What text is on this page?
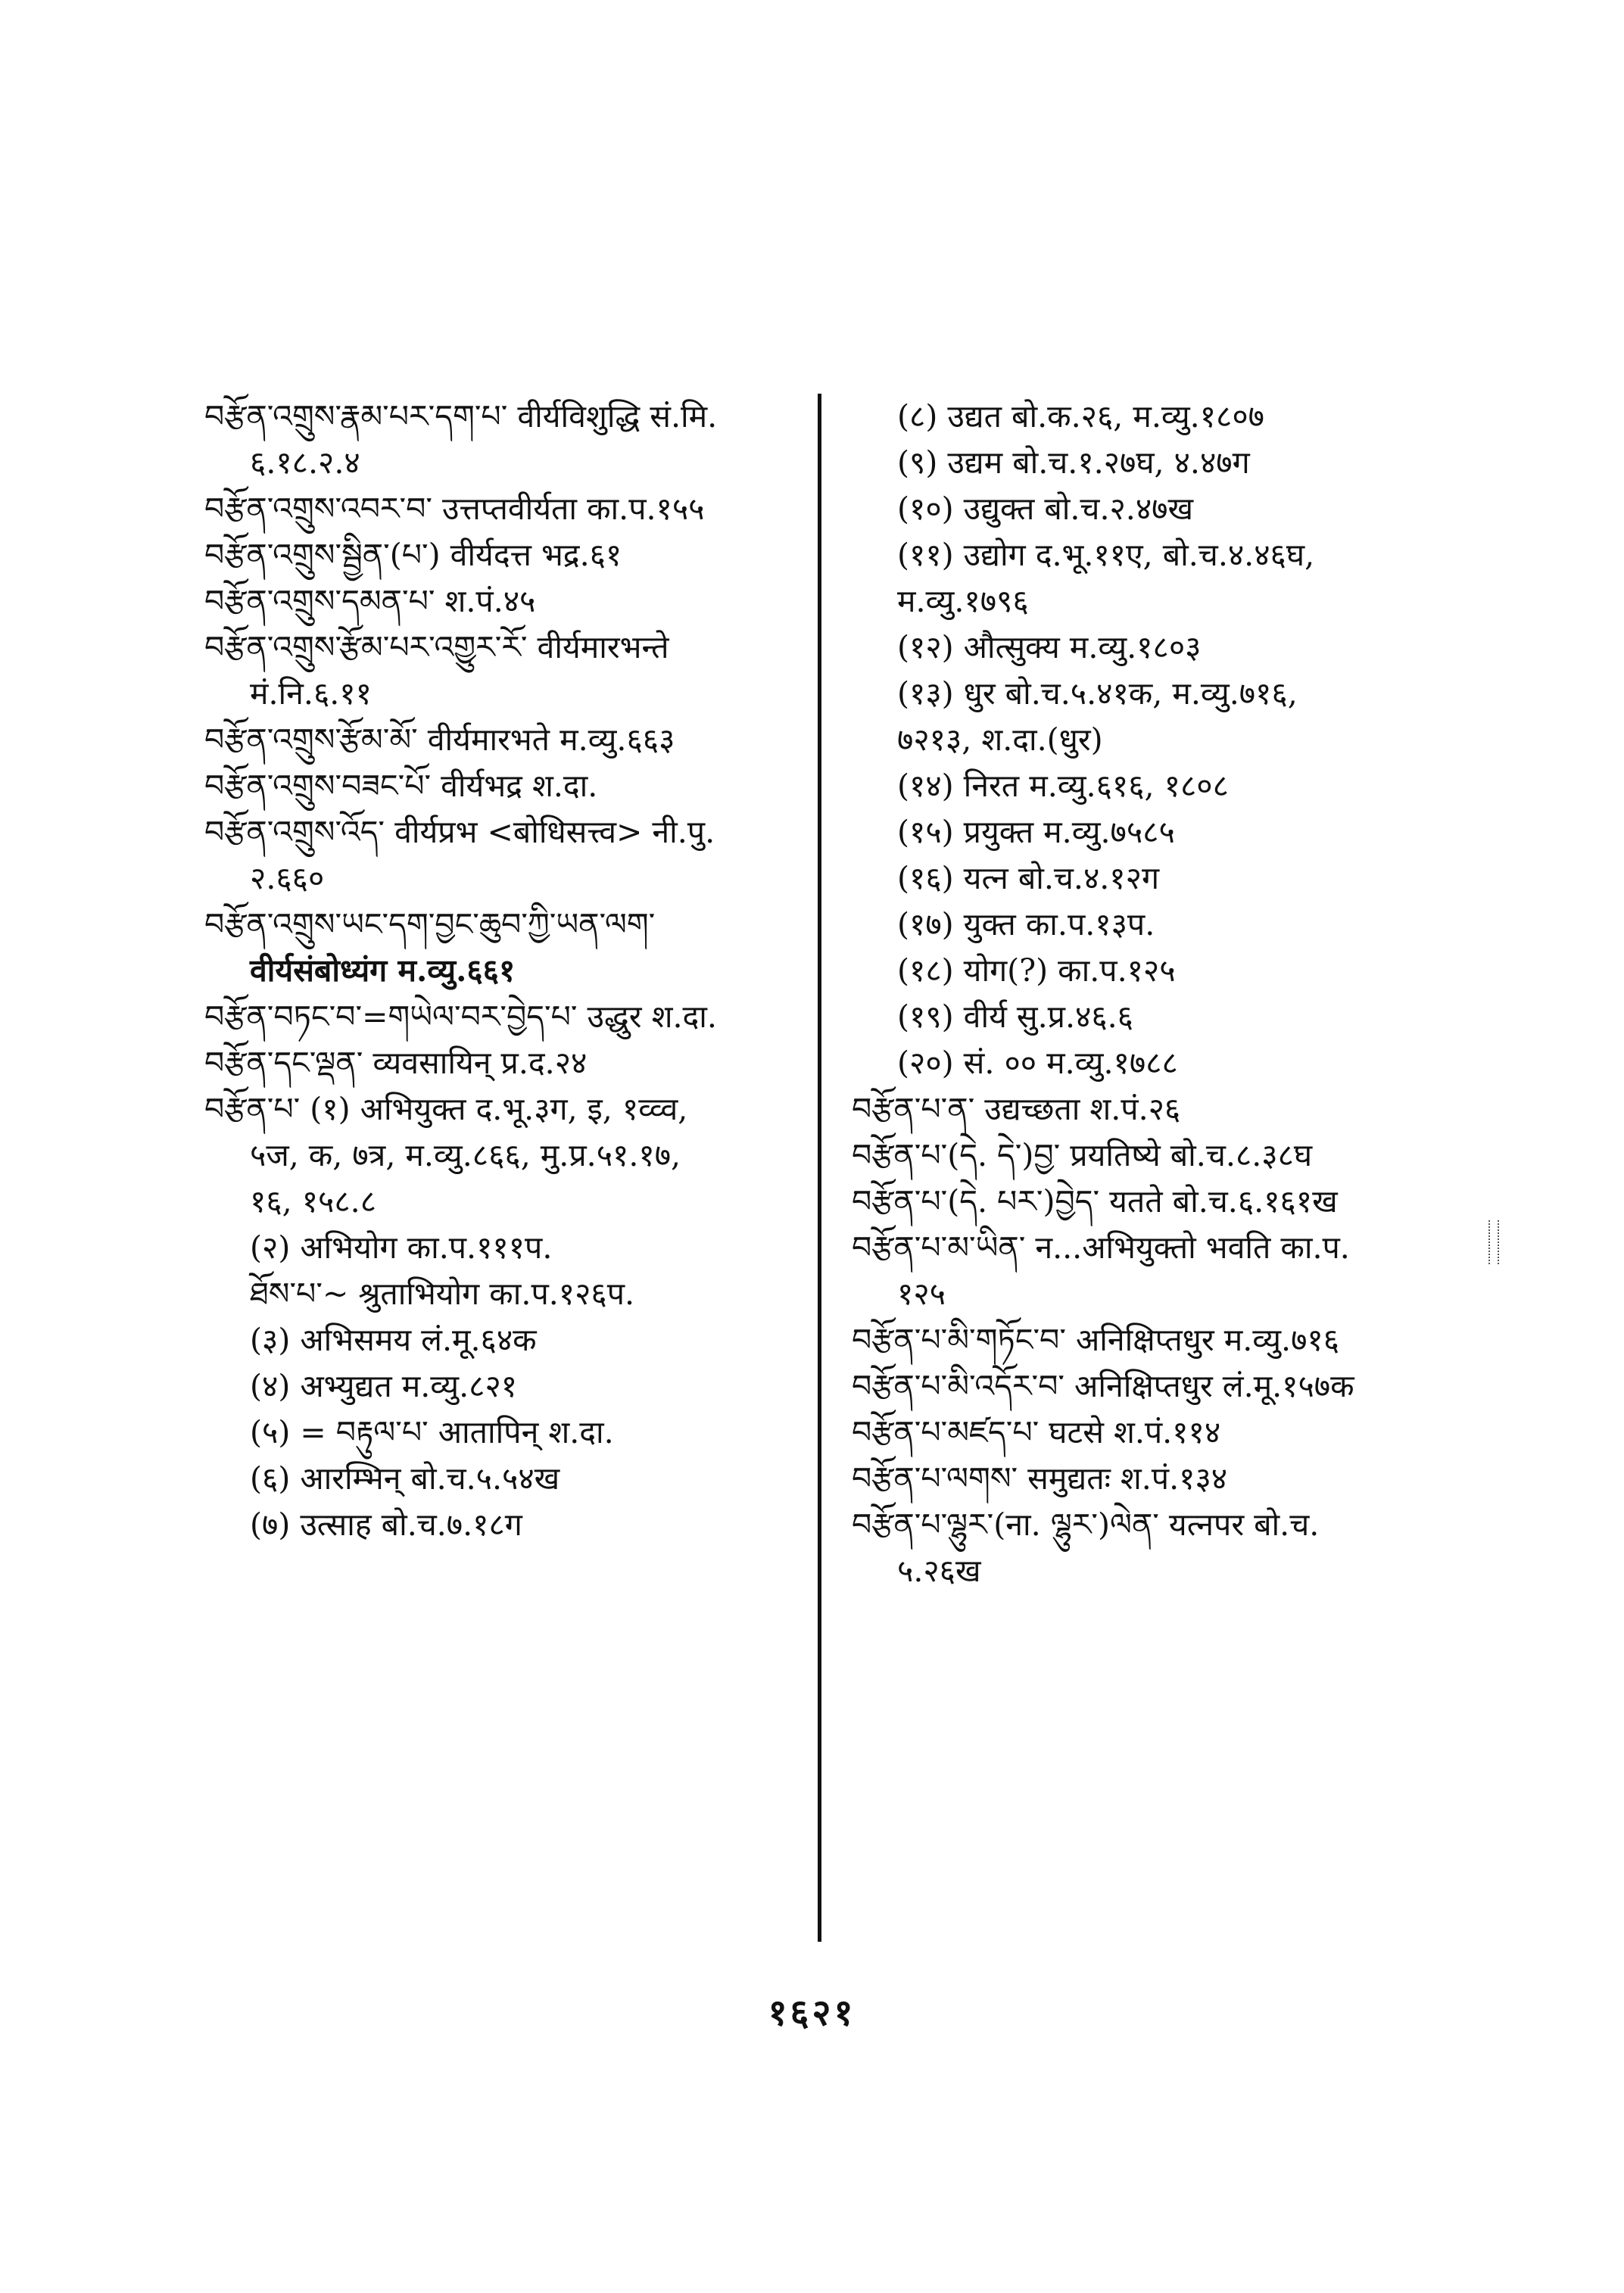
བརྩོན་འགྲུས་རྣམ་པར་དག་པ་ वीर्यविशुद्धि सं.मि.
६.१८.२.४
བརྩོན་འགྲུས་འབར་བ་ उत्तप्तवीर्यता का.प.१५५
བརྩོན་འགྲུས་སྦྱིན་(པ་) वीर्यदत्त भद्र.६१
བརྩོན་འགྲུས་དམན་པ་ श.पं.४५
བརྩོན་འགྲུས་རྩོམ་པར་འགྱུར་རོ་ वीर्यमारभन्ते
मं.नि.६.११
བརྩོན་འགྲུས་རྩོམ་མོ་ वीर्यमारभते म.व्यु.६६३
བརྩོན་འགྲུས་བཟང་པོ་ वीर्यभद्र श.दा.
བརྩོན་འགྲུས་འོད་ वीर्यप्रभ <बोधिसत्त्व> नी.पु.
२.६६०
བརྩོན་འགྲུས་ཡང་དག་བྱང་ཆུབ་ཀྱི་ཡན་ལག་
वीर्यसंबोध्यंग म.व्यु.६६१
བརྩོན་བཏང་བ་=གཡེལ་བར་བྱེད་པ་ उद्धुर श.दा.
བརྩོན་དང་ལྡན་ व्यवसायिन् प्र.द.२४
བརྩོན་པ་ (१) अभियुक्त द.भू.३ग, इ, १व्व्व,
५ज, क, ७त्र, म.व्यु.८६६, मु.प्र.५१.१७,
१६, १५८.८
(२) अभियोग का.प.१११प.
ཐོས་པ་~ श्रुताभियोग का.प.१२६प.
(३) अभिसमय लं.मू.६४क
(४) अभ्युद्यत म.व्यु.८२१
(५) = བརྟུལ་པ་ आतापिन् श.दा.
(६) आरम्भिन् बो.च.५.५४ख
(७) उत्साह बो.च.७.१८ग
(८) उद्यत बो.क.२६, म.व्यु.१८०७
(९) उद्यम बो.च.१.२७घ, ४.४७ग
(१०) उद्युक्त बो.च.२.४७ख
(११) उद्योग द.भू.११ए, बो.च.४.४६घ,
म.व्यु.१७९६
(१२) औत्सुक्य म.व्यु.१८०३
(१३) धुर बो.च.५.४१क, म.व्यु.७१६,
७२१३, श.दा.(धुर)
(१४) निरत म.व्यु.६१६, १८०८
(१५) प्रयुक्त म.व्यु.७५८५
(१६) यत्न बो.च.४.१२ग
(१७) युक्त का.प.१३प.
(१८) योग(?) का.प.१२५
(१९) वीर्य सु.प्र.४६.६
(२०) सं. ०० म.व्यु.१७८८
བརྩོན་པ་ན་ उद्यच्छता श.पं.२६
བརྩོན་པ་(དེ. དེ་)བྱ་ प्रयतिष्ये बो.च.८.३८घ
བརྩོན་པ་(དེ. པར་)བྱེད་ यतते बो.च.६.१६१ख
བརྩོན་པ་མ་ཡིན་ न...अभियुक्तो भवति का.प.
१२५
བརྩོན་པ་མི་གཏོང་བ་ अनिक्षिप्तधुर म.व्यु.७१६
བརྩོན་པ་མི་འདོར་བ་ अनिक्षिप्तधुर लं.मू.१५७क
བརྩོན་པ་མཛད་པ་ घटसे श.पं.११४
བརྩོན་པ་ལགས་ समुद्यतः श.पं.१३४
བརྩོན་པ་ལྷུར་(ना. ལྷུར་)ལེན་ यत्नपर बो.च.
५.२६ख
१६२१
